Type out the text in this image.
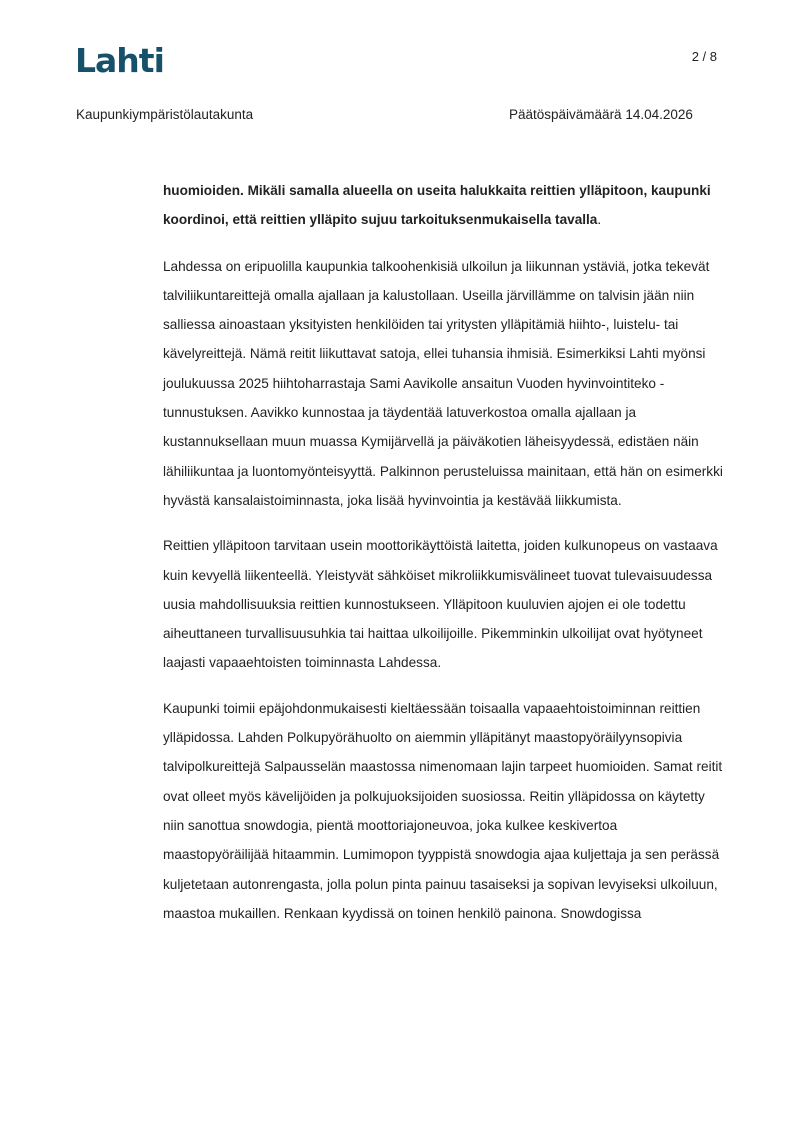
Lahti	2 / 8
Kaupunkiympäristölautakunta	Päätöspäivämäärä 14.04.2026

huomioiden. Mikäli samalla alueella on useita halukkaita reittien ylläpitoon, kaupunki koordinoi, että reittien ylläpito sujuu tarkoituksenmukaisella tavalla.

Lahdessa on eripuolilla kaupunkia talkoohenkisiä ulkoilun ja liikunnan ystäviä, jotka tekevät talviliikuntareittejä omalla ajallaan ja kalustollaan. Useilla järvillämme on talvisin jään niin salliessa ainoastaan yksityisten henkilöiden tai yritysten ylläpitämiä hiihto-, luistelu- tai kävelyreittejä. Nämä reitit liikuttavat satoja, ellei tuhansia ihmisiä. Esimerkiksi Lahti myönsi joulukuussa 2025 hiihtoharrastaja Sami Aavikolle ansaitun Vuoden hyvinvointiteko -tunnustuksen. Aavikko kunnostaa ja täydentää latuverkostoa omalla ajallaan ja kustannuksellaan muun muassa Kymijärvellä ja päiväkotien läheisyydessä, edistäen näin lähiliikuntaa ja luontomyönteisyyttä. Palkinnon perusteluissa mainitaan, että hän on esimerkki hyvästä kansalaistoiminnasta, joka lisää hyvinvointia ja kestävää liikkumista.

Reittien ylläpitoon tarvitaan usein moottorikäyttöistä laitetta, joiden kulkunopeus on vastaava kuin kevyellä liikenteellä. Yleistyvät sähköiset mikroliikkumisvälineet tuovat tulevaisuudessa uusia mahdollisuuksia reittien kunnostukseen. Ylläpitoon kuuluvien ajojen ei ole todettu aiheuttaneen turvallisuusuhkia tai haittaa ulkoilijoille. Pikemminkin ulkoilijat ovat hyötyneet laajasti vapaaehtoisten toiminnasta Lahdessa.

Kaupunki toimii epäjohdonmukaisesti kieltäessään toisaalla vapaaehtoistoiminnan reittien ylläpidossa. Lahden Polkupyörähuolto on aiemmin ylläpitänyt maastopyöräilyynsopivia talvipolkureittejä Salpausselän maastossa nimenomaan lajin tarpeet huomioiden. Samat reitit ovat olleet myös kävelijöiden ja polkujuoksijoiden suosiossa. Reitin ylläpidossa on käytetty niin sanottua snowdogia, pientä moottoriajoneuvoa, joka kulkee keskivertoa maastopyöräilijää hitaammin. Lumimopon tyyppistä snowdogia ajaa kuljettaja ja sen perässä kuljetetaan autonrengasta, jolla polun pinta painuu tasaiseksi ja sopivan levyiseksi ulkoiluun, maastoa mukaillen. Renkaan kyydissä on toinen henkilö painona. Snowdogissa
